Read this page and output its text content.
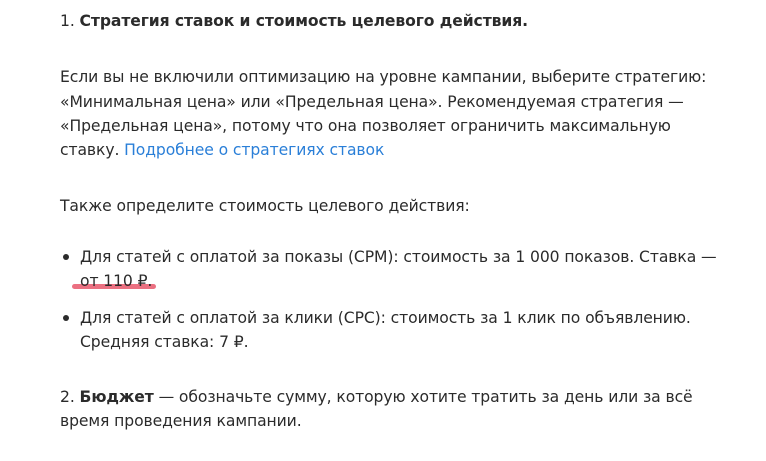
1. Стратегия ставок и стоимость целевого действия.
Если вы не включили оптимизацию на уровне кампании, выберите стратегию:
«Минимальная цена» или «Предельная цена». Рекомендуемая стратегия —
«Предельная цена», потому что она позволяет ограничить максимальную
ставку. Подробнее о стратегиях ставок
Также определите стоимость целевого действия:
Для статей с оплатой за показы (CPM): стоимость за 1 000 показов. Ставка —
от 110 ₽.
Для статей с оплатой за клики (CPC): стоимость за 1 клик по объявлению.
Средняя ставка: 7 ₽.
2. Бюджет — обозначьте сумму, которую хотите тратить за день или за всё
время проведения кампании.
